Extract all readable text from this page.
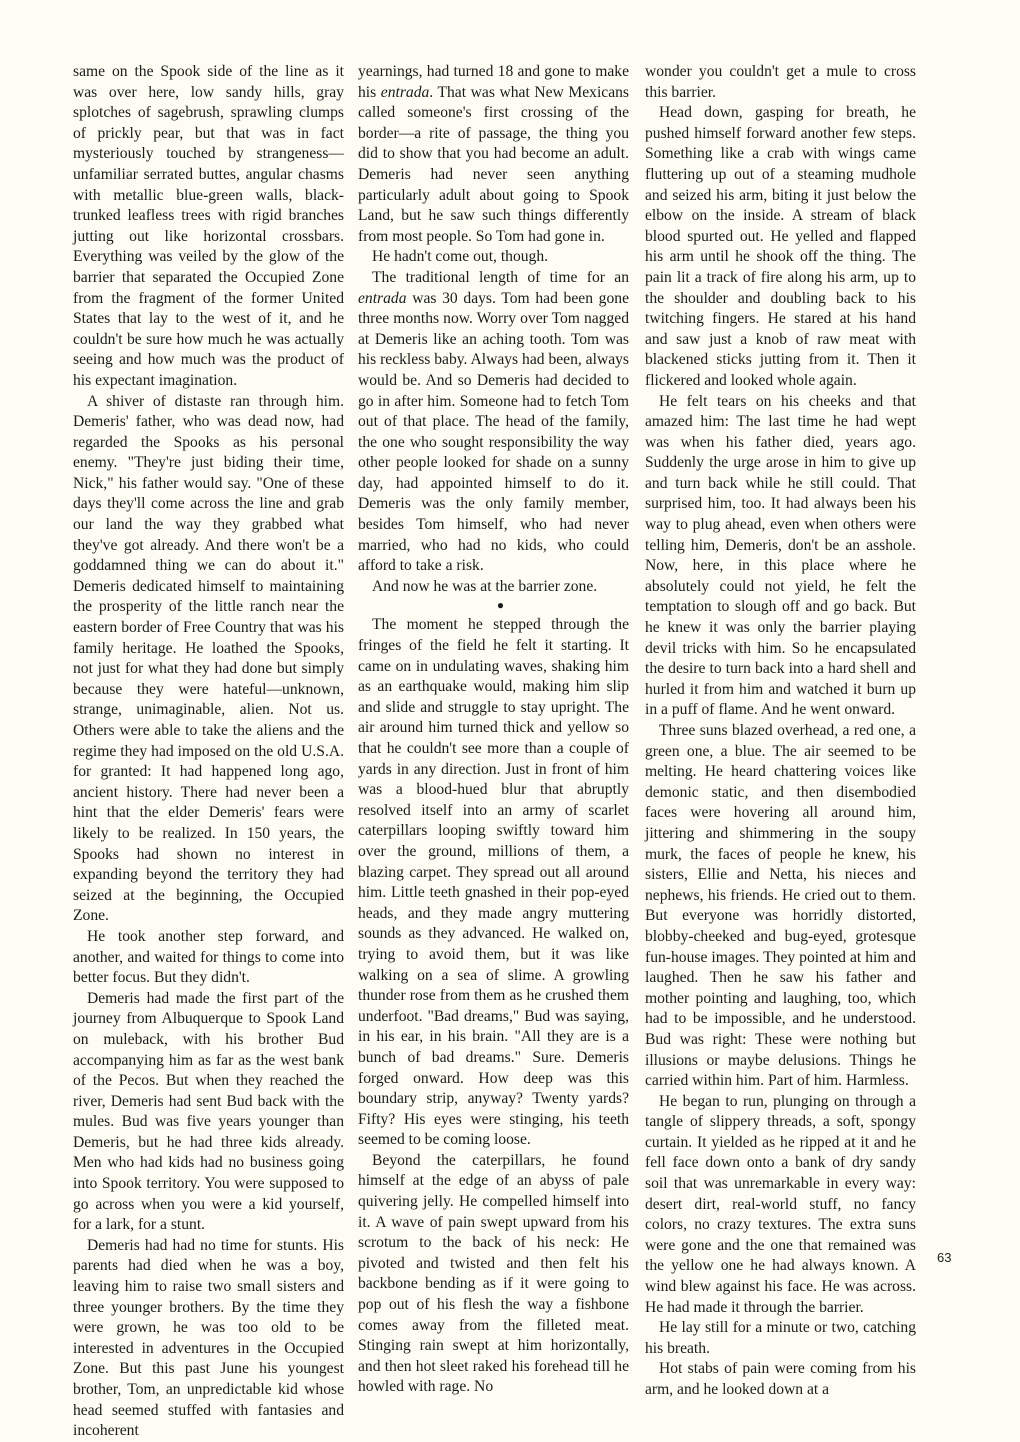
same on the Spook side of the line as it was over here, low sandy hills, gray splotches of sagebrush, sprawling clumps of prickly pear, but that was in fact mysteriously touched by strangeness—unfamiliar serrated buttes, angular chasms with metallic blue-green walls, black-trunked leafless trees with rigid branches jutting out like horizontal crossbars. Everything was veiled by the glow of the barrier that separated the Occupied Zone from the fragment of the former United States that lay to the west of it, and he couldn't be sure how much he was actually seeing and how much was the product of his expectant imagination.

A shiver of distaste ran through him. Demeris' father, who was dead now, had regarded the Spooks as his personal enemy. "They're just biding their time, Nick," his father would say. "One of these days they'll come across the line and grab our land the way they grabbed what they've got already. And there won't be a goddamned thing we can do about it." Demeris dedicated himself to maintaining the prosperity of the little ranch near the eastern border of Free Country that was his family heritage. He loathed the Spooks, not just for what they had done but simply because they were hateful—unknown, strange, unimaginable, alien. Not us. Others were able to take the aliens and the regime they had imposed on the old U.S.A. for granted: It had happened long ago, ancient history. There had never been a hint that the elder Demeris' fears were likely to be realized. In 150 years, the Spooks had shown no interest in expanding beyond the territory they had seized at the beginning, the Occupied Zone.

He took another step forward, and another, and waited for things to come into better focus. But they didn't.

Demeris had made the first part of the journey from Albuquerque to Spook Land on muleback, with his brother Bud accompanying him as far as the west bank of the Pecos. But when they reached the river, Demeris had sent Bud back with the mules. Bud was five years younger than Demeris, but he had three kids already. Men who had kids had no business going into Spook territory. You were supposed to go across when you were a kid yourself, for a lark, for a stunt.

Demeris had had no time for stunts. His parents had died when he was a boy, leaving him to raise two small sisters and three younger brothers. By the time they were grown, he was too old to be interested in adventures in the Occupied Zone. But this past June his youngest brother, Tom, an unpredictable kid whose head seemed stuffed with fantasies and incoherent

yearnings, had turned 18 and gone to make his entrada. That was what New Mexicans called someone's first crossing of the border—a rite of passage, the thing you did to show that you had become an adult. Demeris had never seen anything particularly adult about going to Spook Land, but he saw such things differently from most people. So Tom had gone in.

He hadn't come out, though.

The traditional length of time for an entrada was 30 days. Tom had been gone three months now. Worry over Tom nagged at Demeris like an aching tooth. Tom was his reckless baby. Always had been, always would be. And so Demeris had decided to go in after him. Someone had to fetch Tom out of that place. The head of the family, the one who sought responsibility the way other people looked for shade on a sunny day, had appointed himself to do it. Demeris was the only family member, besides Tom himself, who had never married, who had no kids, who could afford to take a risk.

And now he was at the barrier zone.

●

The moment he stepped through the fringes of the field he felt it starting. It came on in undulating waves, shaking him as an earthquake would, making him slip and slide and struggle to stay upright. The air around him turned thick and yellow so that he couldn't see more than a couple of yards in any direction. Just in front of him was a blood-hued blur that abruptly resolved itself into an army of scarlet caterpillars looping swiftly toward him over the ground, millions of them, a blazing carpet. They spread out all around him. Little teeth gnashed in their pop-eyed heads, and they made angry muttering sounds as they advanced. He walked on, trying to avoid them, but it was like walking on a sea of slime. A growling thunder rose from them as he crushed them underfoot. "Bad dreams," Bud was saying, in his ear, in his brain. "All they are is a bunch of bad dreams." Sure. Demeris forged onward. How deep was this boundary strip, anyway? Twenty yards? Fifty? His eyes were stinging, his teeth seemed to be coming loose.

Beyond the caterpillars, he found himself at the edge of an abyss of pale quivering jelly. He compelled himself into it. A wave of pain swept upward from his scrotum to the back of his neck: He pivoted and twisted and then felt his backbone bending as if it were going to pop out of his flesh the way a fishbone comes away from the filleted meat. Stinging rain swept at him horizontally, and then hot sleet raked his forehead till he howled with rage. No

wonder you couldn't get a mule to cross this barrier.

Head down, gasping for breath, he pushed himself forward another few steps. Something like a crab with wings came fluttering up out of a steaming mudhole and seized his arm, biting it just below the elbow on the inside. A stream of black blood spurted out. He yelled and flapped his arm until he shook off the thing. The pain lit a track of fire along his arm, up to the shoulder and doubling back to his twitching fingers. He stared at his hand and saw just a knob of raw meat with blackened sticks jutting from it. Then it flickered and looked whole again.

He felt tears on his cheeks and that amazed him: The last time he had wept was when his father died, years ago. Suddenly the urge arose in him to give up and turn back while he still could. That surprised him, too. It had always been his way to plug ahead, even when others were telling him, Demeris, don't be an asshole. Now, here, in this place where he absolutely could not yield, he felt the temptation to slough off and go back. But he knew it was only the barrier playing devil tricks with him. So he encapsulated the desire to turn back into a hard shell and hurled it from him and watched it burn up in a puff of flame. And he went onward.

Three suns blazed overhead, a red one, a green one, a blue. The air seemed to be melting. He heard chattering voices like demonic static, and then disembodied faces were hovering all around him, jittering and shimmering in the soupy murk, the faces of people he knew, his sisters, Ellie and Netta, his nieces and nephews, his friends. He cried out to them. But everyone was horridly distorted, blobby-cheeked and bug-eyed, grotesque fun-house images. They pointed at him and laughed. Then he saw his father and mother pointing and laughing, too, which had to be impossible, and he understood. Bud was right: These were nothing but illusions or maybe delusions. Things he carried within him. Part of him. Harmless.

He began to run, plunging on through a tangle of slippery threads, a soft, spongy curtain. It yielded as he ripped at it and he fell face down onto a bank of dry sandy soil that was unremarkable in every way: desert dirt, real-world stuff, no fancy colors, no crazy textures. The extra suns were gone and the one that remained was the yellow one he had always known. A wind blew against his face. He was across. He had made it through the barrier.

He lay still for a minute or two, catching his breath.

Hot stabs of pain were coming from his arm, and he looked down at a

63
